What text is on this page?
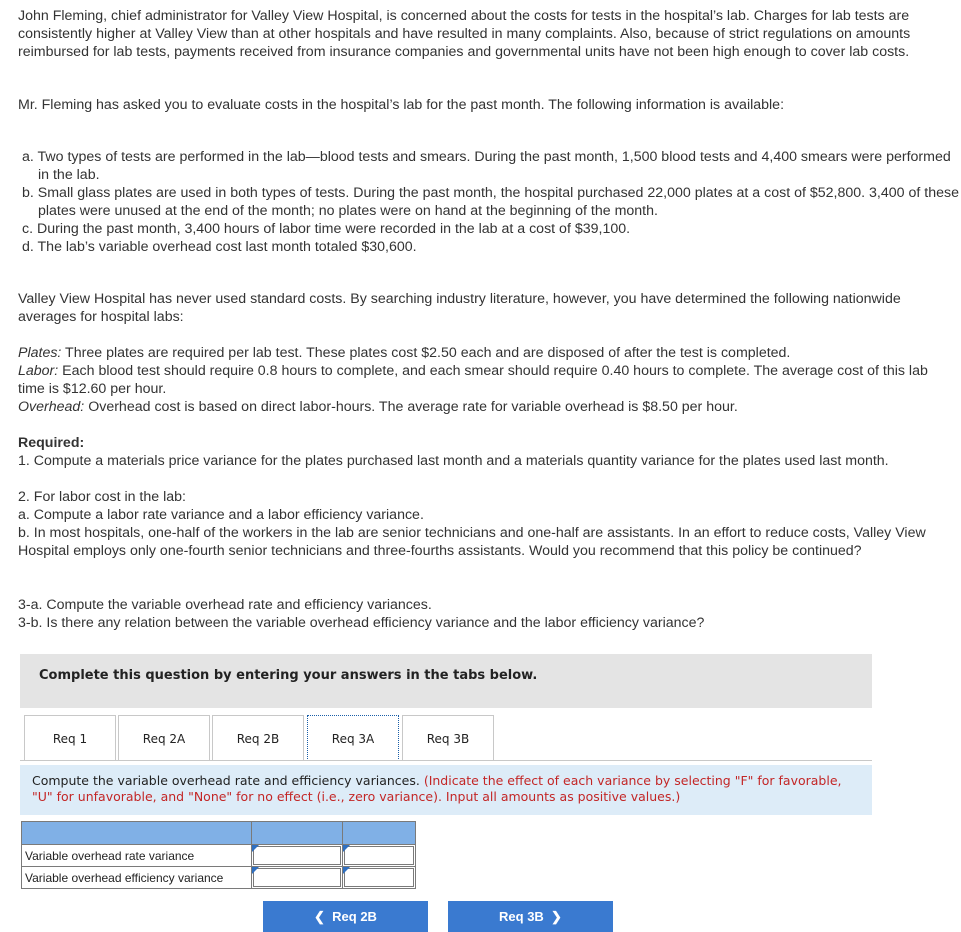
John Fleming, chief administrator for Valley View Hospital, is concerned about the costs for tests in the hospital’s lab. Charges for lab tests are consistently higher at Valley View than at other hospitals and have resulted in many complaints. Also, because of strict regulations on amounts reimbursed for lab tests, payments received from insurance companies and governmental units have not been high enough to cover lab costs.

Mr. Fleming has asked you to evaluate costs in the hospital’s lab for the past month. The following information is available:

a. Two types of tests are performed in the lab—blood tests and smears. During the past month, 1,500 blood tests and 4,400 smears were performed in the lab.

b. Small glass plates are used in both types of tests. During the past month, the hospital purchased 22,000 plates at a cost of $52,800. 3,400 of these plates were unused at the end of the month; no plates were on hand at the beginning of the month.

c. During the past month, 3,400 hours of labor time were recorded in the lab at a cost of $39,100.

d. The lab’s variable overhead cost last month totaled $30,600.

Valley View Hospital has never used standard costs. By searching industry literature, however, you have determined the following nationwide averages for hospital labs:

Plates: Three plates are required per lab test. These plates cost $2.50 each and are disposed of after the test is completed.

Labor: Each blood test should require 0.8 hours to complete, and each smear should require 0.40 hours to complete. The average cost of this lab time is $12.60 per hour.

Overhead: Overhead cost is based on direct labor-hours. The average rate for variable overhead is $8.50 per hour.

Required:

1. Compute a materials price variance for the plates purchased last month and a materials quantity variance for the plates used last month.

2. For labor cost in the lab:

a. Compute a labor rate variance and a labor efficiency variance.

b. In most hospitals, one-half of the workers in the lab are senior technicians and one-half are assistants. In an effort to reduce costs, Valley View Hospital employs only one-fourth senior technicians and three-fourths assistants. Would you recommend that this policy be continued?

3-a. Compute the variable overhead rate and efficiency variances.

3-b. Is there any relation between the variable overhead efficiency variance and the labor efficiency variance?

Complete this question by entering your answers in the tabs below.
Req 1	Req 2A	Req 2B	Req 3A	Req 3B
Compute the variable overhead rate and efficiency variances. (Indicate the effect of each variance by selecting "F" for favorable, "U" for unfavorable, and "None" for no effect (i.e., zero variance). Input all amounts as positive values.)

Variable overhead rate variance	

Variable overhead efficiency variance	

❮  Req 2B	Req 3B  ❯
